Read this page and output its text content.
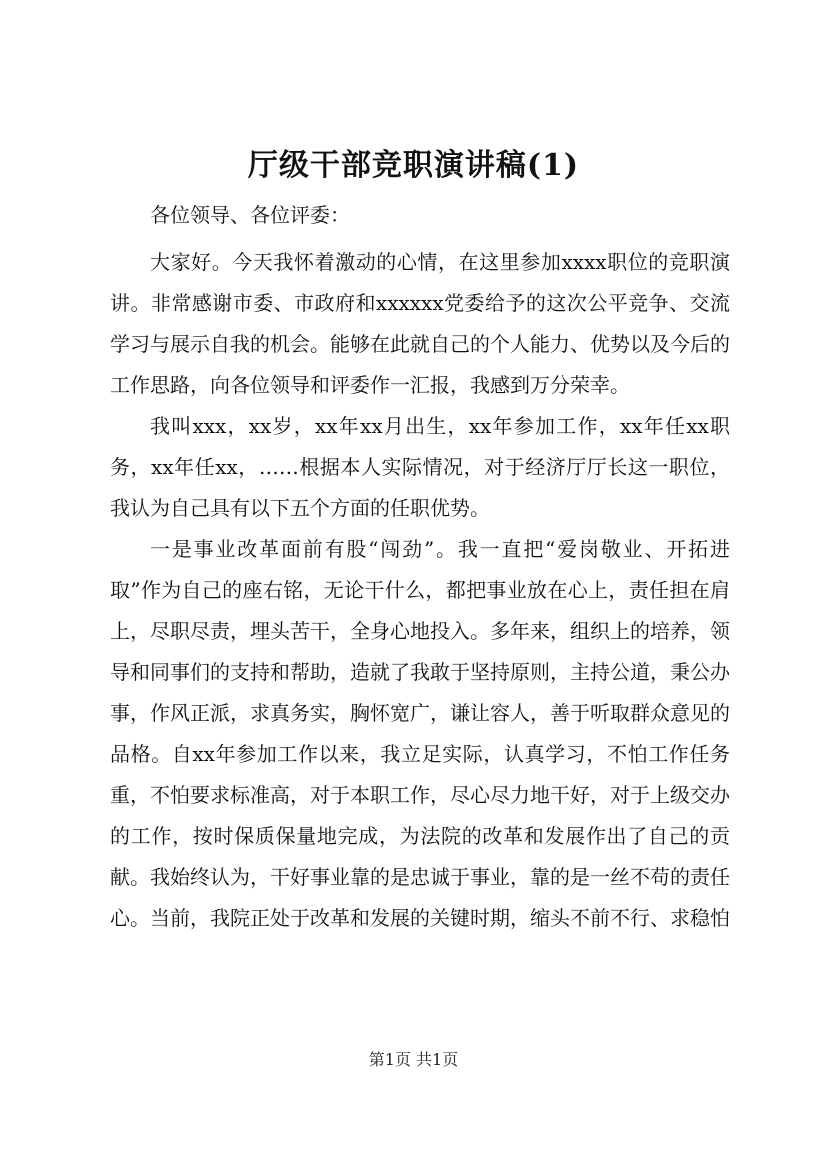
厅级干部竞职演讲稿(1)

各位领导、各位评委：

大家好。今天我怀着激动的心情，在这里参加xxxx职位的竞职演讲。非常感谢市委、市政府和xxxxxx党委给予的这次公平竞争、交流学习与展示自我的机会。能够在此就自己的个人能力、优势以及今后的工作思路，向各位领导和评委作一汇报，我感到万分荣幸。

我叫xxx，xx岁，xx年xx月出生，xx年参加工作，xx年任xx职务，xx年任xx，……根据本人实际情况，对于经济厅厅长这一职位，我认为自己具有以下五个方面的任职优势。

一是事业改革面前有股“闯劲”。我一直把“爱岗敬业、开拓进取”作为自己的座右铭，无论干什么，都把事业放在心上，责任担在肩上，尽职尽责，埋头苦干，全身心地投入。多年来，组织上的培养，领导和同事们的支持和帮助，造就了我敢于坚持原则，主持公道，秉公办事，作风正派，求真务实，胸怀宽广，谦让容人，善于听取群众意见的品格。自xx年参加工作以来，我立足实际，认真学习，不怕工作任务重，不怕要求标准高，对于本职工作，尽心尽力地干好，对于上级交办的工作，按时保质保量地完成，为法院的改革和发展作出了自己的贡献。我始终认为，干好事业靠的是忠诚于事业，靠的是一丝不苟的责任心。当前，我院正处于改革和发展的关键时期，缩头不前不行、求稳怕

第1页 共1页
